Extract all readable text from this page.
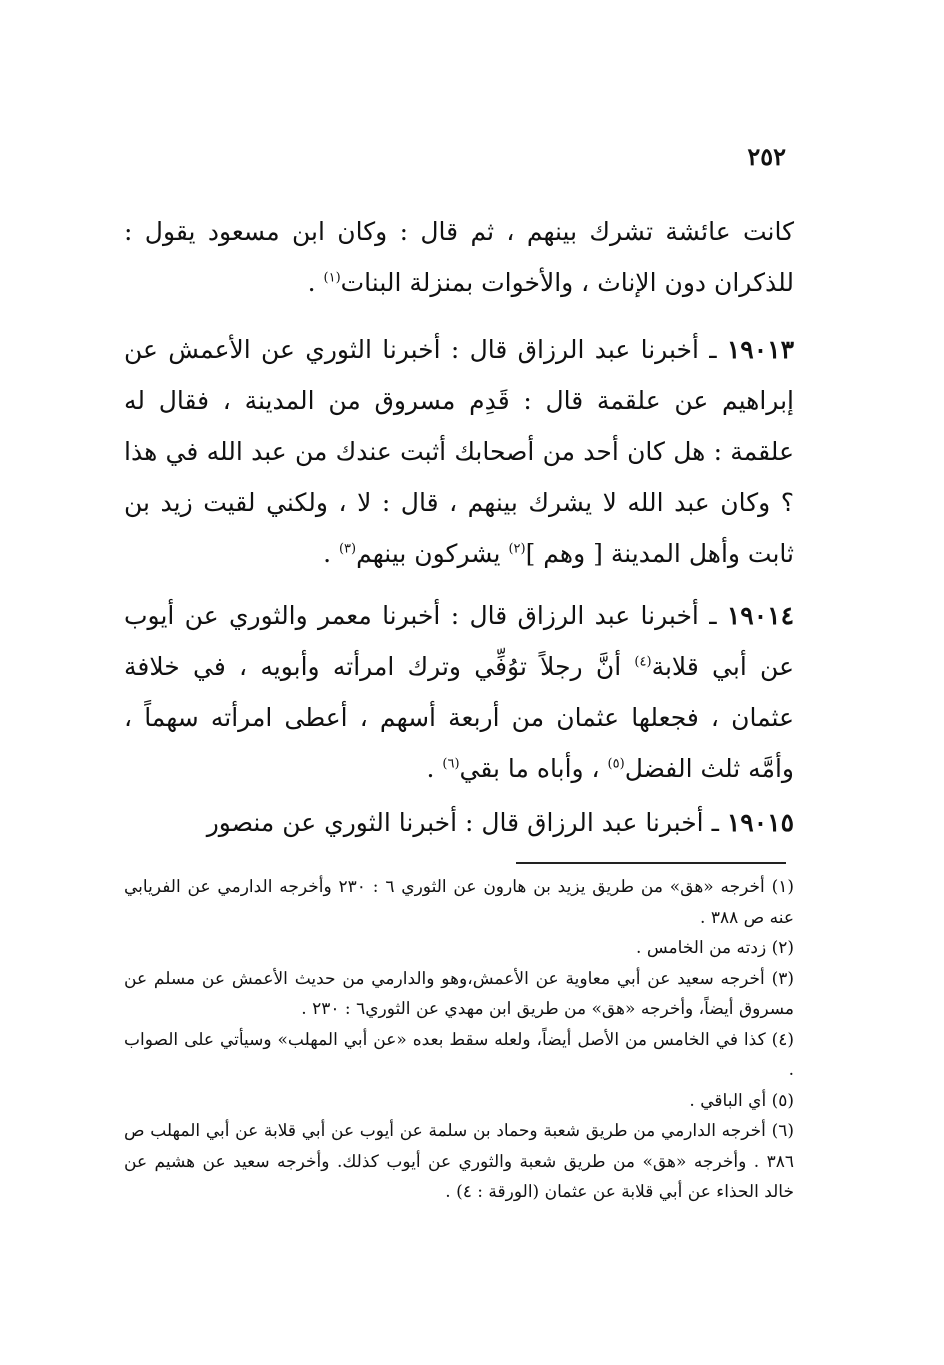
٢٥٢

كانت عائشة تشرك بينهم ، ثم قال : وكان ابن مسعود يقول : للذكران دون الإناث ، والأخوات بمنزلة البنات$^{(١)}$ .

١٩٠١٣ ـ أخبرنا عبد الرزاق قال : أخبرنا الثوري عن الأعمش عن إبراهيم عن علقمة قال : قَدِم مسروق من المدينة ، فقال له علقمة : هل كان أحد من أصحابك أثبت عندك من عبد الله في هذا ؟ وكان عبد الله لا يشرك بينهم ، قال : لا ، ولكني لقيت زيد بن ثابت وأهل المدينة [ وهم ]$^{(٢)}$ يشركون بينهم$^{(٣)}$ .

١٩٠١٤ ـ أخبرنا عبد الرزاق قال : أخبرنا معمر والثوري عن أيوب عن أبي قلابة$^{(٤)}$ أنَّ رجلاً توُفِّي وترك امرأته وأبويه ، في خلافة عثمان ، فجعلها عثمان من أربعة أسهم ، أعطى امرأته سهماً ، وأمَّه ثلث الفضل$^{(٥)}$ ، وأباه ما بقي$^{(٦)}$ .

١٩٠١٥ ـ أخبرنا عبد الرزاق قال : أخبرنا الثوري عن منصور

(١) أخرجه «هق» من طريق يزيد بن هارون عن الثوري ٦ : ٢٣٠ وأخرجه الدارمي عن الفريابي عنه ص ٣٨٨ .

(٢) زدته من الخامس .

(٣) أخرجه سعيد عن أبي معاوية عن الأعمش،وهو والدارمي من حديث الأعمش عن مسلم عن مسروق أيضاً، وأخرجه «هق» من طريق ابن مهدي عن الثوري٦ : ٢٣٠ .

(٤) كذا في الخامس من الأصل أيضاً، ولعله سقط بعده «عن أبي المهلب» وسيأتي على الصواب .

(٥) أي الباقي .

(٦) أخرجه الدارمي من طريق شعبة وحماد بن سلمة عن أيوب عن أبي قلابة عن أبي المهلب ص ٣٨٦ . وأخرجه «هق» من طريق شعبة والثوري عن أيوب كذلك. وأخرجه سعيد عن هشيم عن خالد الحذاء عن أبي قلابة عن عثمان (الورقة : ٤) .
